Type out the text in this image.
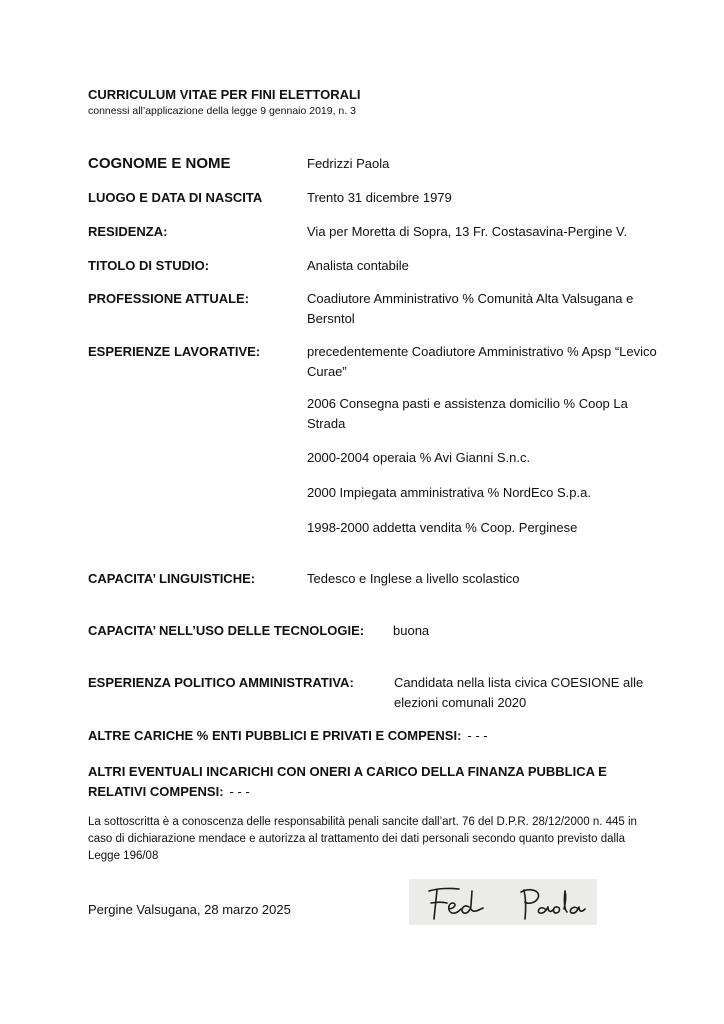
CURRICULUM VITAE PER FINI ELETTORALI

connessi all’applicazione della legge 9 gennaio 2019, n. 3

COGNOME E NOME	Fedrizzi Paola

LUOGO E DATA DI NASCITA	Trento 31 dicembre 1979

RESIDENZA:	Via per Moretta di Sopra, 13 Fr. Costasavina-Pergine V.

TITOLO DI STUDIO:	Analista contabile

PROFESSIONE ATTUALE:	Coadiutore Amministrativo % Comunità Alta Valsugana e Bersntol

ESPERIENZE LAVORATIVE:	precedentemente Coadiutore Amministrativo % Apsp “Levico Curae”

2006 Consegna pasti e assistenza domicilio % Coop La Strada

2000-2004 operaia % Avi Gianni S.n.c.

2000 Impiegata amministrativa % NordEco S.p.a.

1998-2000 addetta vendita % Coop. Perginese

CAPACITA’ LINGUISTICHE:	Tedesco e Inglese a livello scolastico

CAPACITA’ NELL’USO DELLE TECNOLOGIE: buona

ESPERIENZA POLITICO AMMINISTRATIVA:	Candidata nella lista civica COESIONE alle elezioni comunali 2020

ALTRE CARICHE % ENTI PUBBLICI E PRIVATI E COMPENSI: - - -

ALTRI EVENTUALI INCARICHI CON ONERI A CARICO DELLA FINANZA PUBBLICA E RELATIVI COMPENSI: - - -

La sottoscritta è a conoscenza delle responsabilità penali sancite dall’art. 76 del D.P.R. 28/12/2000 n. 445 in caso di dichiarazione mendace e autorizza al trattamento dei dati personali secondo quanto previsto dalla Legge 196/08

Pergine Valsugana, 28 marzo 2025
